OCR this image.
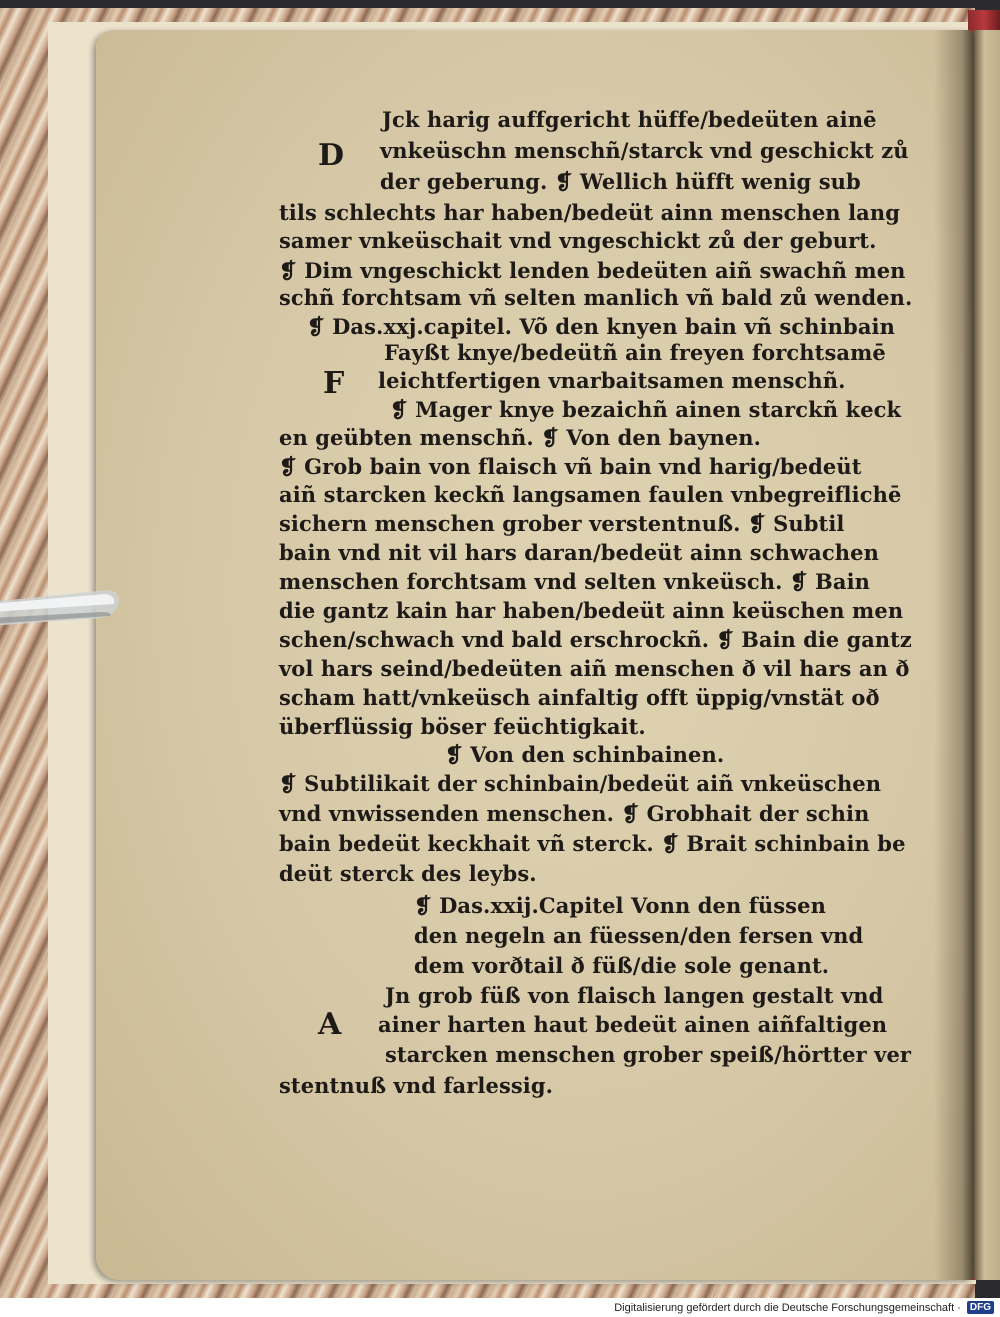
D
F
A
Jck harig auffgericht hüffe/bedeüten ainē
vnkeüschn menschñ/starck vnd geschickt zů
der geberung. ❡ Wellich hüfft wenig sub
tils schlechts har haben/bedeüt ainn menschen lang
samer vnkeüschait vnd vngeschickt zů der geburt.
❡ Dim vngeschickt lenden bedeüten aiñ swachñ men
schñ forchtsam vñ selten manlich vñ bald zů wenden.
❡ Das.xxj.capitel. Võ den knyen bain vñ schinbain
Fayßt knye/bedeütñ ain freyen forchtsamē
leichtfertigen vnarbaitsamen menschñ.
❡ Mager knye bezaichñ ainen starckñ keck
en geübten menschñ. ❡ Von den baynen.
❡ Grob bain von flaisch vñ bain vnd harig/bedeüt
aiñ starcken keckñ langsamen faulen vnbegreiflichē
sichern menschen grober verstentnuß. ❡ Subtil
bain vnd nit vil hars daran/bedeüt ainn schwachen
menschen forchtsam vnd selten vnkeüsch. ❡ Bain
die gantz kain har haben/bedeüt ainn keüschen men
schen/schwach vnd bald erschrockñ. ❡ Bain die gantz
vol hars seind/bedeüten aiñ menschen ð vil hars an ð
scham hatt/vnkeüsch ainfaltig offt üppig/vnstät oð
überflüssig böser feüchtigkait.
❡ Von den schinbainen.
❡ Subtilikait der schinbain/bedeüt aiñ vnkeüschen
vnd vnwissenden menschen. ❡ Grobhait der schin
bain bedeüt keckhait vñ sterck. ❡ Brait schinbain be
deüt sterck des leybs.
❡ Das.xxij.Capitel Vonn den füssen
den negeln an füessen/den fersen vnd
dem vorðtail ð füß/die sole genant.
Jn grob füß von flaisch langen gestalt vnd
ainer harten haut bedeüt ainen aiñfaltigen
starcken menschen grober speiß/hörtter ver
stentnuß vnd farlessig.
Digitalisierung gefördert durch die Deutsche Forschungsgemeinschaft · DFG
